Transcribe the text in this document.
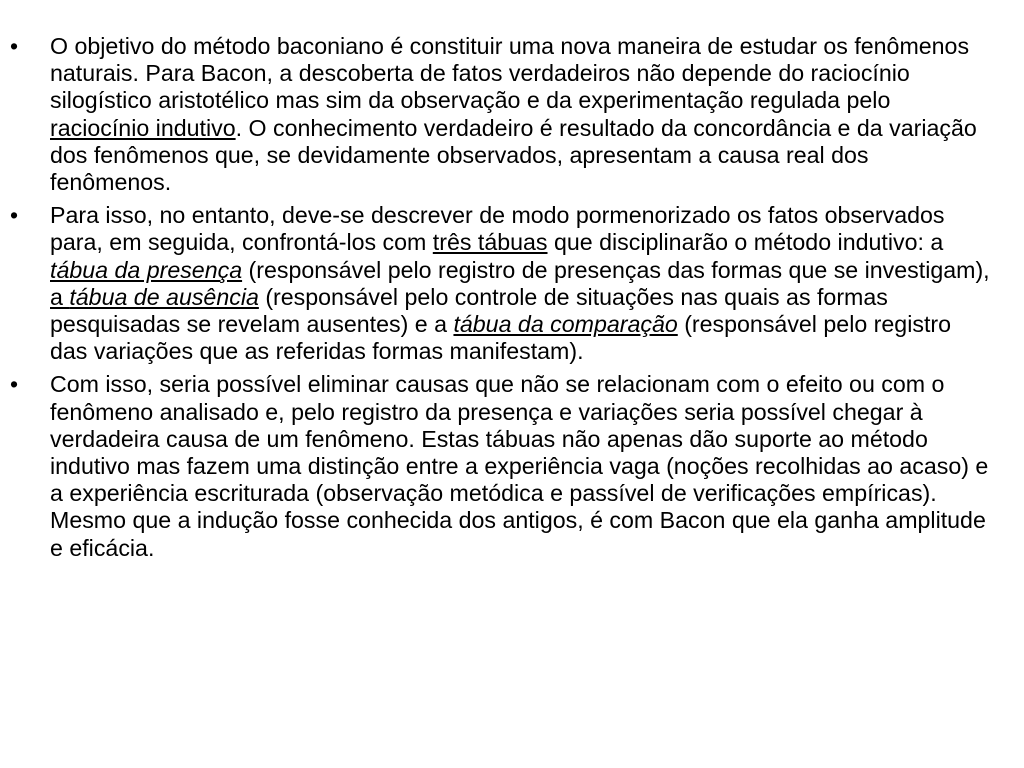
• O objetivo do método baconiano é constituir uma nova maneira de estudar os fenômenos naturais. Para Bacon, a descoberta de fatos verdadeiros não depende do raciocínio silogístico aristotélico mas sim da observação e da experimentação regulada pelo raciocínio indutivo. O conhecimento verdadeiro é resultado da concordância e da variação dos fenômenos que, se devidamente observados, apresentam a causa real dos fenômenos.
• Para isso, no entanto, deve-se descrever de modo pormenorizado os fatos observados para, em seguida, confrontá-los com três tábuas que disciplinarão o método indutivo: a tábua da presença (responsável pelo registro de presenças das formas que se investigam), a tábua de ausência (responsável pelo controle de situações nas quais as formas pesquisadas se revelam ausentes) e a tábua da comparação (responsável pelo registro das variações que as referidas formas manifestam).
• Com isso, seria possível eliminar causas que não se relacionam com o efeito ou com o fenômeno analisado e, pelo registro da presença e variações seria possível chegar à verdadeira causa de um fenômeno. Estas tábuas não apenas dão suporte ao método indutivo mas fazem uma distinção entre a experiência vaga (noções recolhidas ao acaso) e a experiência escriturada (observação metódica e passível de verificações empíricas). Mesmo que a indução fosse conhecida dos antigos, é com Bacon que ela ganha amplitude e eficácia.
